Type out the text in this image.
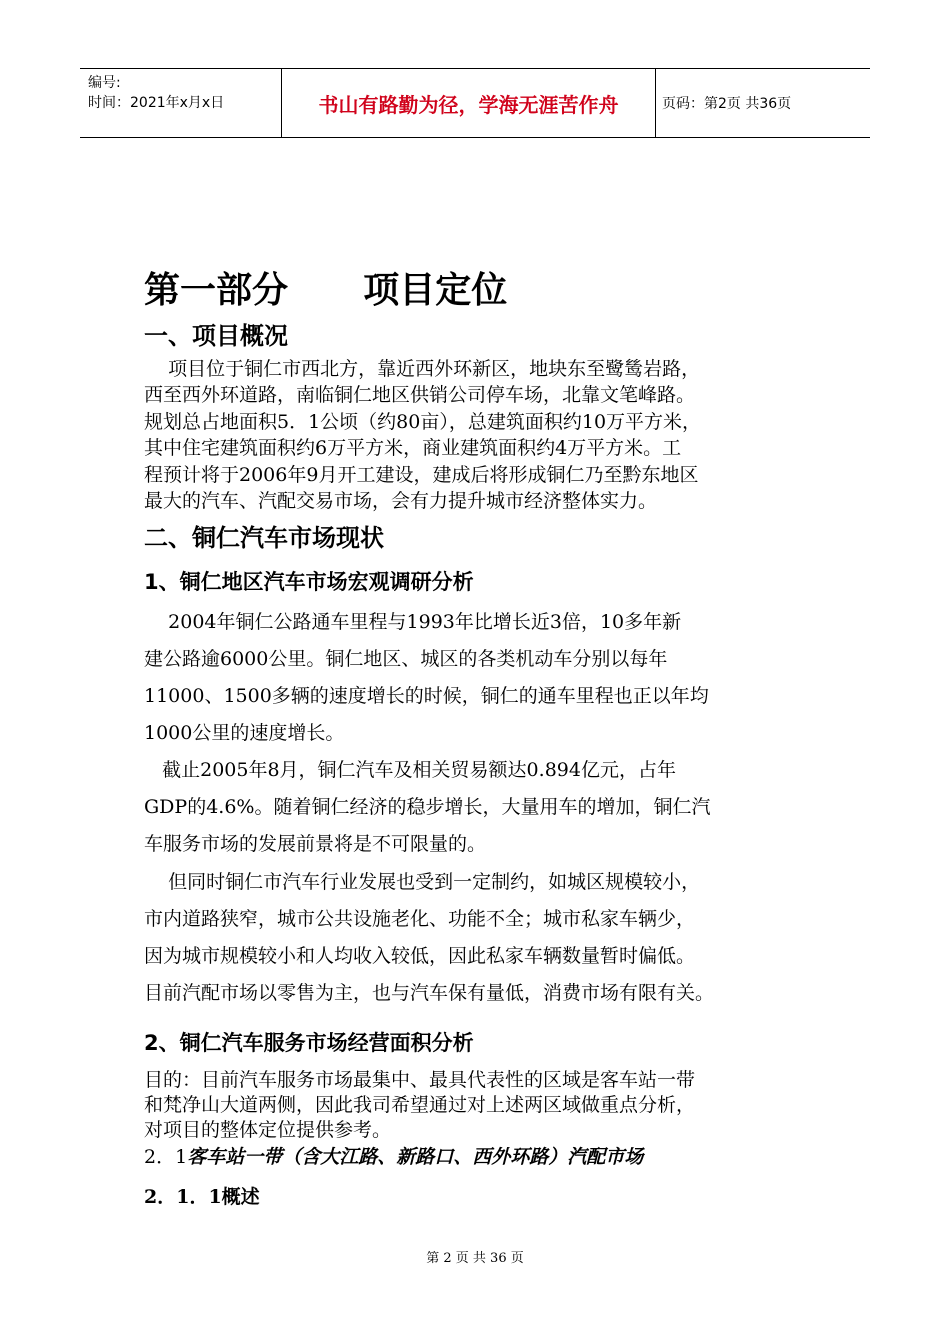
编号:
时间：2021年x月x日	书山有路勤为径，学海无涯苦作舟	页码：第2页 共36页
第一部分      项目定位
一、项目概况
项目位于铜仁市西北方，靠近西外环新区，地块东至鹭鸶岩路，
西至西外环道路，南临铜仁地区供销公司停车场，北靠文笔峰路。
规划总占地面积5．1公顷（约80亩），总建筑面积约10万平方米，
其中住宅建筑面积约6万平方米，商业建筑面积约4万平方米。工
程预计将于2006年9月开工建设，建成后将形成铜仁乃至黔东地区
最大的汽车、汽配交易市场，会有力提升城市经济整体实力。
二、铜仁汽车市场现状
1、铜仁地区汽车市场宏观调研分析
2004年铜仁公路通车里程与1993年比增长近3倍，10多年新
建公路逾6000公里。铜仁地区、城区的各类机动车分别以每年
11000、1500多辆的速度增长的时候，铜仁的通车里程也正以年均
1000公里的速度增长。
截止2005年8月，铜仁汽车及相关贸易额达0.894亿元，占年
GDP的4.6%。随着铜仁经济的稳步增长，大量用车的增加，铜仁汽
车服务市场的发展前景将是不可限量的。
但同时铜仁市汽车行业发展也受到一定制约，如城区规模较小，
市内道路狭窄，城市公共设施老化、功能不全；城市私家车辆少，
因为城市规模较小和人均收入较低，因此私家车辆数量暂时偏低。
目前汽配市场以零售为主，也与汽车保有量低，消费市场有限有关。
2、铜仁汽车服务市场经营面积分析
目的：目前汽车服务市场最集中、最具代表性的区域是客车站一带
和梵净山大道两侧，因此我司希望通过对上述两区域做重点分析，
对项目的整体定位提供参考。
2．1客车站一带（含大江路、新路口、西外环路）汽配市场
2．1．1概述
第 2 页 共 36 页
